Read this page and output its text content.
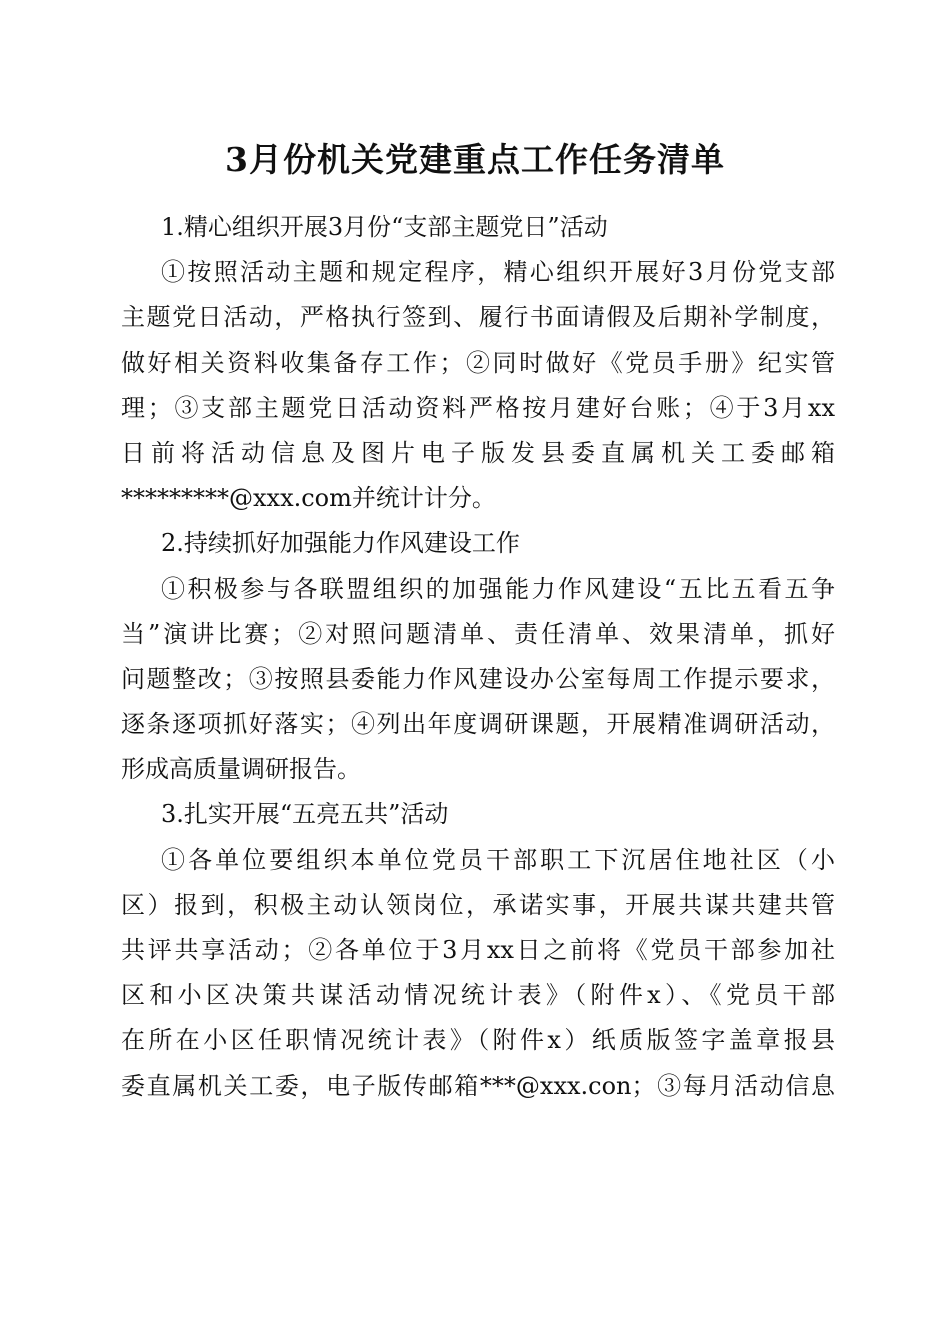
3月份机关党建重点工作任务清单
1.精心组织开展3月份“支部主题党日”活动
①按照活动主题和规定程序，精心组织开展好3月份党支部
主题党日活动，严格执行签到、履行书面请假及后期补学制度，
做好相关资料收集备存工作；②同时做好《党员手册》纪实管
理；③支部主题党日活动资料严格按月建好台账；④于3月xx
日前将活动信息及图片电子版发县委直属机关工委邮箱
*********@xxx.com并统计计分。
2.持续抓好加强能力作风建设工作
①积极参与各联盟组织的加强能力作风建设“五比五看五争
当”演讲比赛；②对照问题清单、责任清单、效果清单，抓好
问题整改；③按照县委能力作风建设办公室每周工作提示要求，
逐条逐项抓好落实；④列出年度调研课题，开展精准调研活动，
形成高质量调研报告。
3.扎实开展“五亮五共”活动
①各单位要组织本单位党员干部职工下沉居住地社区（小
区）报到，积极主动认领岗位，承诺实事，开展共谋共建共管
共评共享活动；②各单位于3月xx日之前将《党员干部参加社
区和小区决策共谋活动情况统计表》（附件x）、《党员干部
在所在小区任职情况统计表》（附件x）纸质版签字盖章报县
委直属机关工委，电子版传邮箱***@xxx.con；③每月活动信息
